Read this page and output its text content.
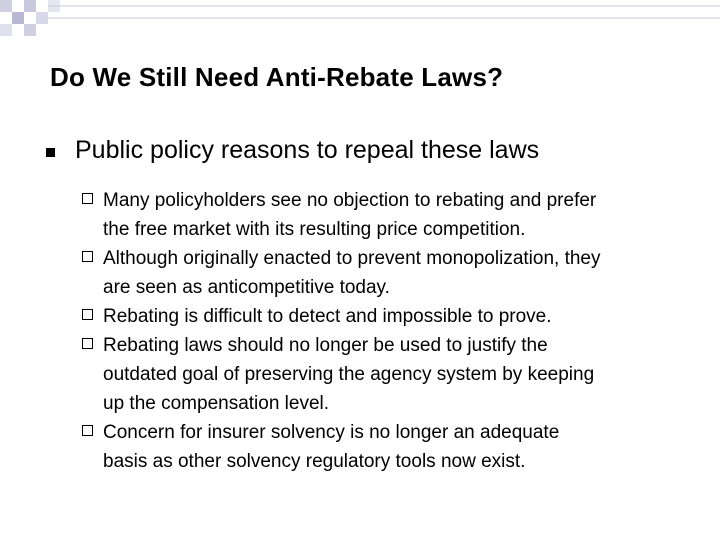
Do We Still Need Anti-Rebate Laws?
Public policy reasons to repeal these laws
Many policyholders see no objection to rebating and prefer
the free market with its resulting price competition.
Although originally enacted to prevent monopolization, they
are seen as anticompetitive today.
Rebating is difficult to detect and impossible to prove.
Rebating laws should no longer be used to justify the
outdated goal of preserving the agency system by keeping
up the compensation level.
Concern for insurer solvency is no longer an adequate
basis as other solvency regulatory tools now exist.
